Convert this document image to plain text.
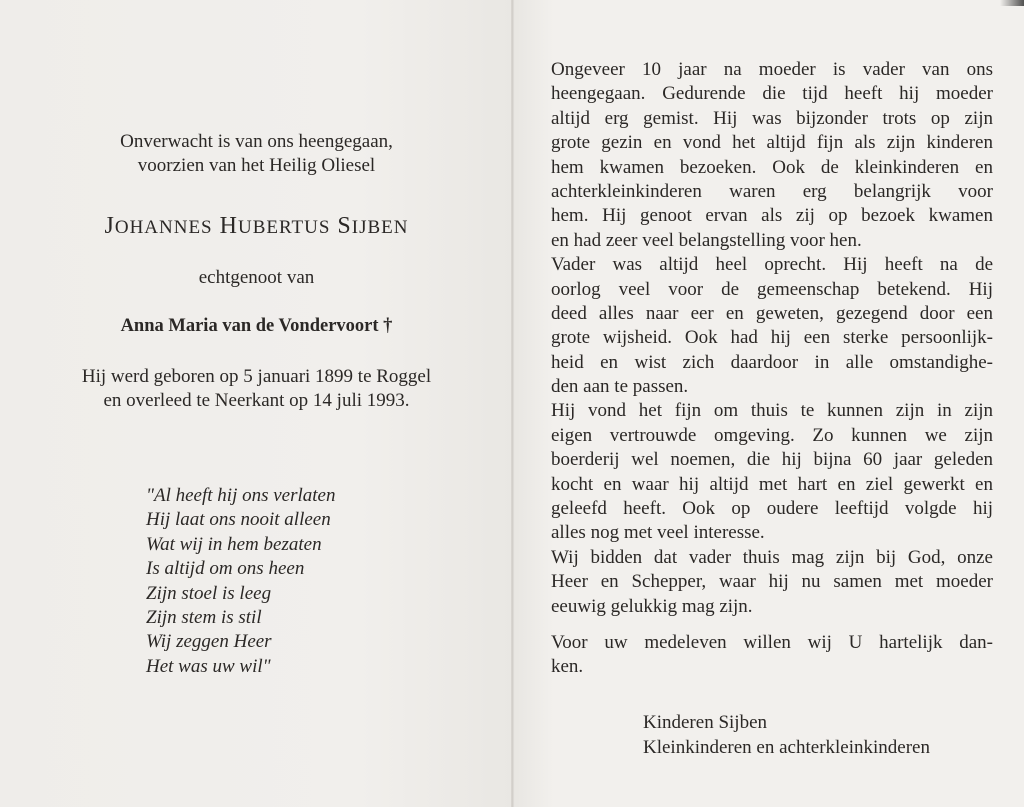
Onverwacht is van ons heengegaan,
voorzien van het Heilig Oliesel
JOHANNES HUBERTUS SIJBEN
echtgenoot van
Anna Maria van de Vondervoort †
Hij werd geboren op 5 januari 1899 te Roggel
en overleed te Neerkant op 14 juli 1993.
"Al heeft hij ons verlaten
Hij laat ons nooit alleen
Wat wij in hem bezaten
Is altijd om ons heen
Zijn stoel is leeg
Zijn stem is stil
Wij zeggen Heer
Het was uw wil"
Ongeveer 10 jaar na moeder is vader van ons
heengegaan. Gedurende die tijd heeft hij moeder
altijd erg gemist. Hij was bijzonder trots op zijn
grote gezin en vond het altijd fijn als zijn kinderen
hem kwamen bezoeken. Ook de kleinkinderen en
achterkleinkinderen waren erg belangrijk voor
hem. Hij genoot ervan als zij op bezoek kwamen
en had zeer veel belangstelling voor hen.
Vader was altijd heel oprecht. Hij heeft na de
oorlog veel voor de gemeenschap betekend. Hij
deed alles naar eer en geweten, gezegend door een
grote wijsheid. Ook had hij een sterke persoonlijk-
heid en wist zich daardoor in alle omstandighe-
den aan te passen.
Hij vond het fijn om thuis te kunnen zijn in zijn
eigen vertrouwde omgeving. Zo kunnen we zijn
boerderij wel noemen, die hij bijna 60 jaar geleden
kocht en waar hij altijd met hart en ziel gewerkt en
geleefd heeft. Ook op oudere leeftijd volgde hij
alles nog met veel interesse.
Wij bidden dat vader thuis mag zijn bij God, onze
Heer en Schepper, waar hij nu samen met moeder
eeuwig gelukkig mag zijn.
Voor uw medeleven willen wij U hartelijk dan-
ken.
Kinderen Sijben
Kleinkinderen en achterkleinkinderen
